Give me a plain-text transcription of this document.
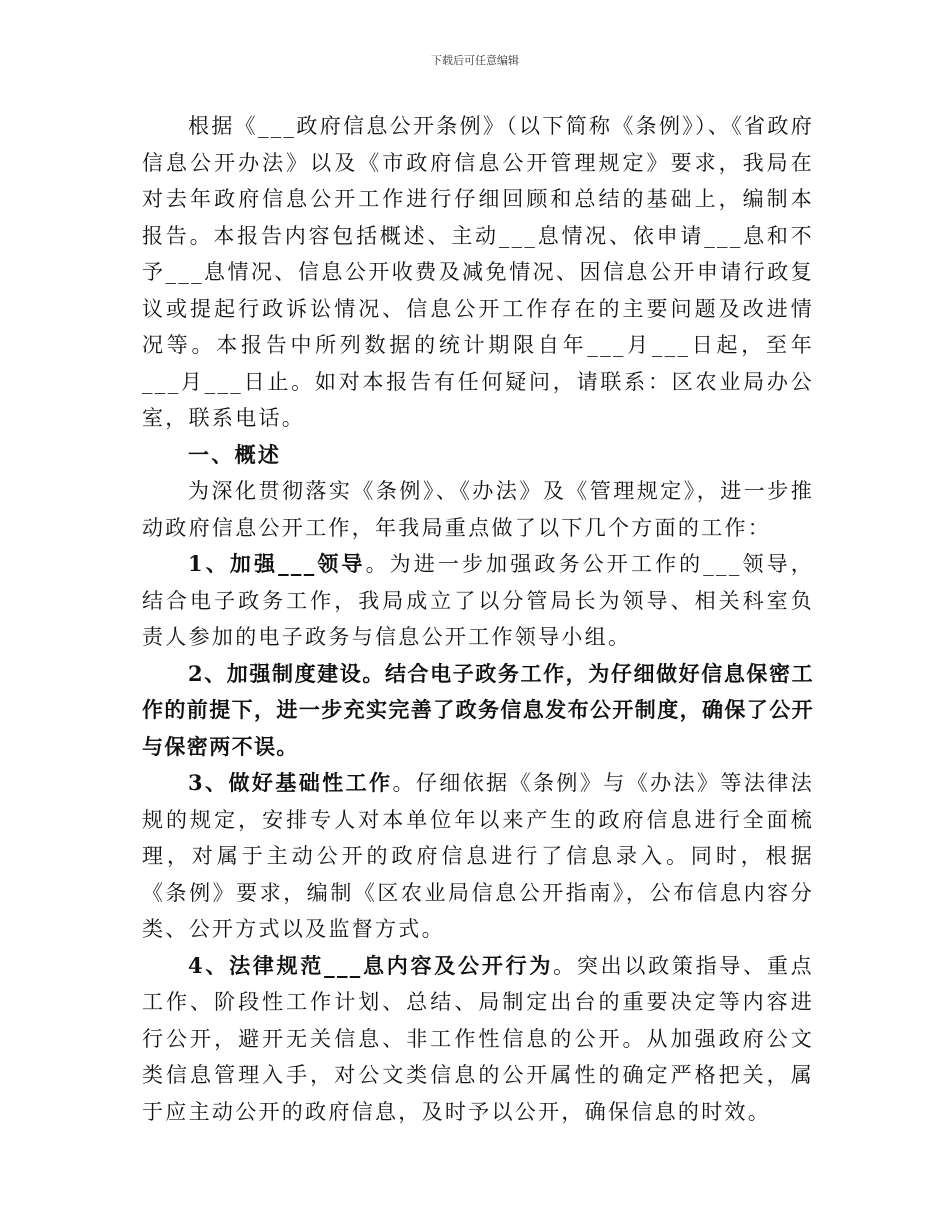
下载后可任意编辑

根据《___政府信息公开条例》（以下简称《条例》）、《省政府信息公开办法》以及《市政府信息公开管理规定》要求，我局在对去年政府信息公开工作进行仔细回顾和总结的基础上，编制本报告。本报告内容包括概述、主动___息情况、依申请___息和不予___息情况、信息公开收费及减免情况、因信息公开申请行政复议或提起行政诉讼情况、信息公开工作存在的主要问题及改进情况等。本报告中所列数据的统计期限自年___月___日起，至年___月___日止。如对本报告有任何疑问，请联系：区农业局办公室，联系电话。

一、概述

为深化贯彻落实《条例》、《办法》及《管理规定》，进一步推动政府信息公开工作，年我局重点做了以下几个方面的工作：

1、加强___领导。为进一步加强政务公开工作的___领导，结合电子政务工作，我局成立了以分管局长为领导、相关科室负责人参加的电子政务与信息公开工作领导小组。

2、加强制度建设。结合电子政务工作，为仔细做好信息保密工作的前提下，进一步充实完善了政务信息发布公开制度，确保了公开与保密两不误。

3、做好基础性工作。仔细依据《条例》与《办法》等法律法规的规定，安排专人对本单位年以来产生的政府信息进行全面梳理，对属于主动公开的政府信息进行了信息录入。同时，根据《条例》要求，编制《区农业局信息公开指南》，公布信息内容分类、公开方式以及监督方式。

4、法律规范___息内容及公开行为。突出以政策指导、重点工作、阶段性工作计划、总结、局制定出台的重要决定等内容进行公开，避开无关信息、非工作性信息的公开。从加强政府公文类信息管理入手，对公文类信息的公开属性的确定严格把关，属于应主动公开的政府信息，及时予以公开，确保信息的时效。
